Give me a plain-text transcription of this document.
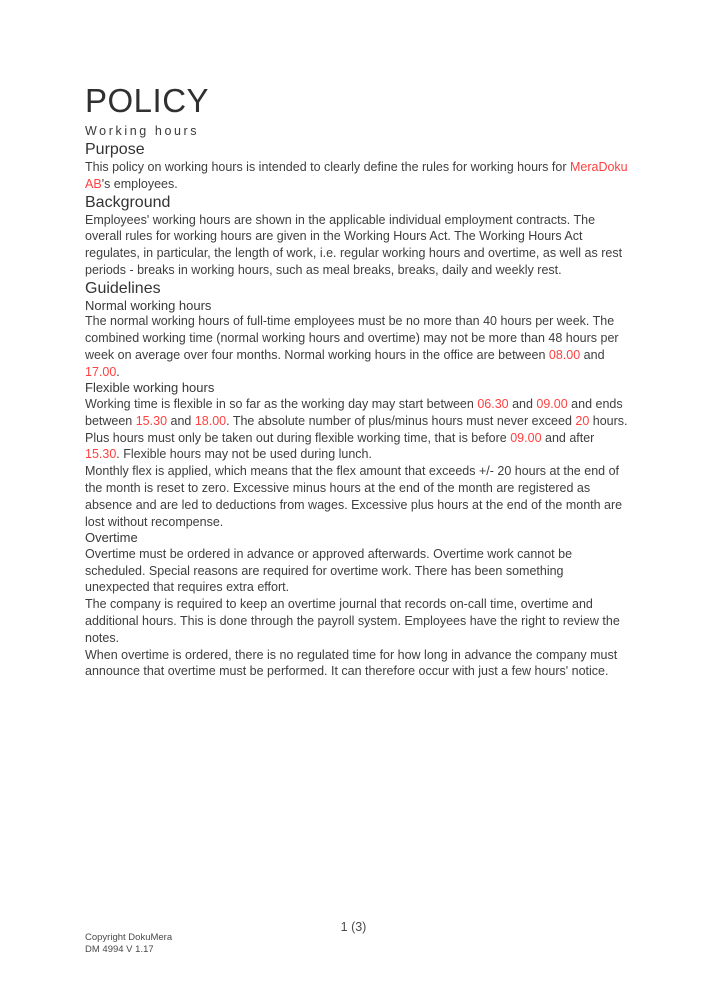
POLICY
Working hours
Purpose

This policy on working hours is intended to clearly define the rules for working hours for MeraDoku AB's employees.

Background

Employees' working hours are shown in the applicable individual employment contracts. The overall rules for working hours are given in the Working Hours Act. The Working Hours Act regulates, in particular, the length of work, i.e. regular working hours and overtime, as well as rest periods - breaks in working hours, such as meal breaks, breaks, daily and weekly rest.

Guidelines
Normal working hours

The normal working hours of full-time employees must be no more than 40 hours per week. The combined working time (normal working hours and overtime) may not be more than 48 hours per week on average over four months. Normal working hours in the office are between 08.00 and 17.00.

Flexible working hours

Working time is flexible in so far as the working day may start between 06.30 and 09.00 and ends between 15.30 and 18.00. The absolute number of plus/minus hours must never exceed 20 hours. Plus hours must only be taken out during flexible working time, that is before 09.00 and after 15.30. Flexible hours may not be used during lunch.

Monthly flex is applied, which means that the flex amount that exceeds +/- 20 hours at the end of the month is reset to zero. Excessive minus hours at the end of the month are registered as absence and are led to deductions from wages. Excessive plus hours at the end of the month are lost without recompense.

Overtime

Overtime must be ordered in advance or approved afterwards. Overtime work cannot be scheduled. Special reasons are required for overtime work. There has been something unexpected that requires extra effort.

The company is required to keep an overtime journal that records on-call time, overtime and additional hours. This is done through the payroll system. Employees have the right to review the notes.

When overtime is ordered, there is no regulated time for how long in advance the company must announce that overtime must be performed. It can therefore occur with just a few hours' notice.

1 (3)
Copyright DokuMera
DM 4994 V 1.17
